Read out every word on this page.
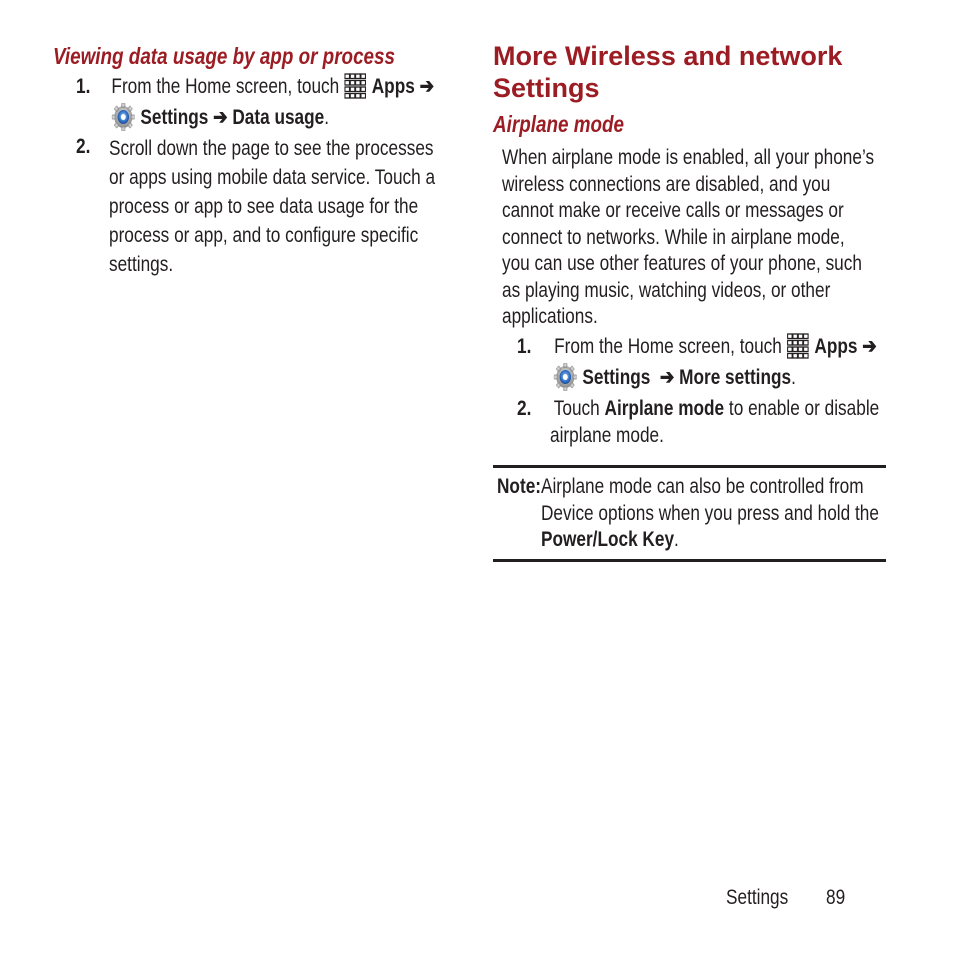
Viewing data usage by app or process
1. From the Home screen, touch Apps ➔
Settings ➔ Data usage.
2. Scroll down the page to see the processes
or apps using mobile data service. Touch a
process or app to see data usage for the
process or app, and to configure specific
settings.
More Wireless and network
Settings
Airplane mode
When airplane mode is enabled, all your phone’s
wireless connections are disabled, and you
cannot make or receive calls or messages or
connect to networks. While in airplane mode,
you can use other features of your phone, such
as playing music, watching videos, or other
applications.
1. From the Home screen, touch Apps ➔
Settings ➔ More settings.
2. Touch Airplane mode to enable or disable
airplane mode.
Note: Airplane mode can also be controlled from
Device options when you press and hold the
Power/Lock Key.
Settings	89
